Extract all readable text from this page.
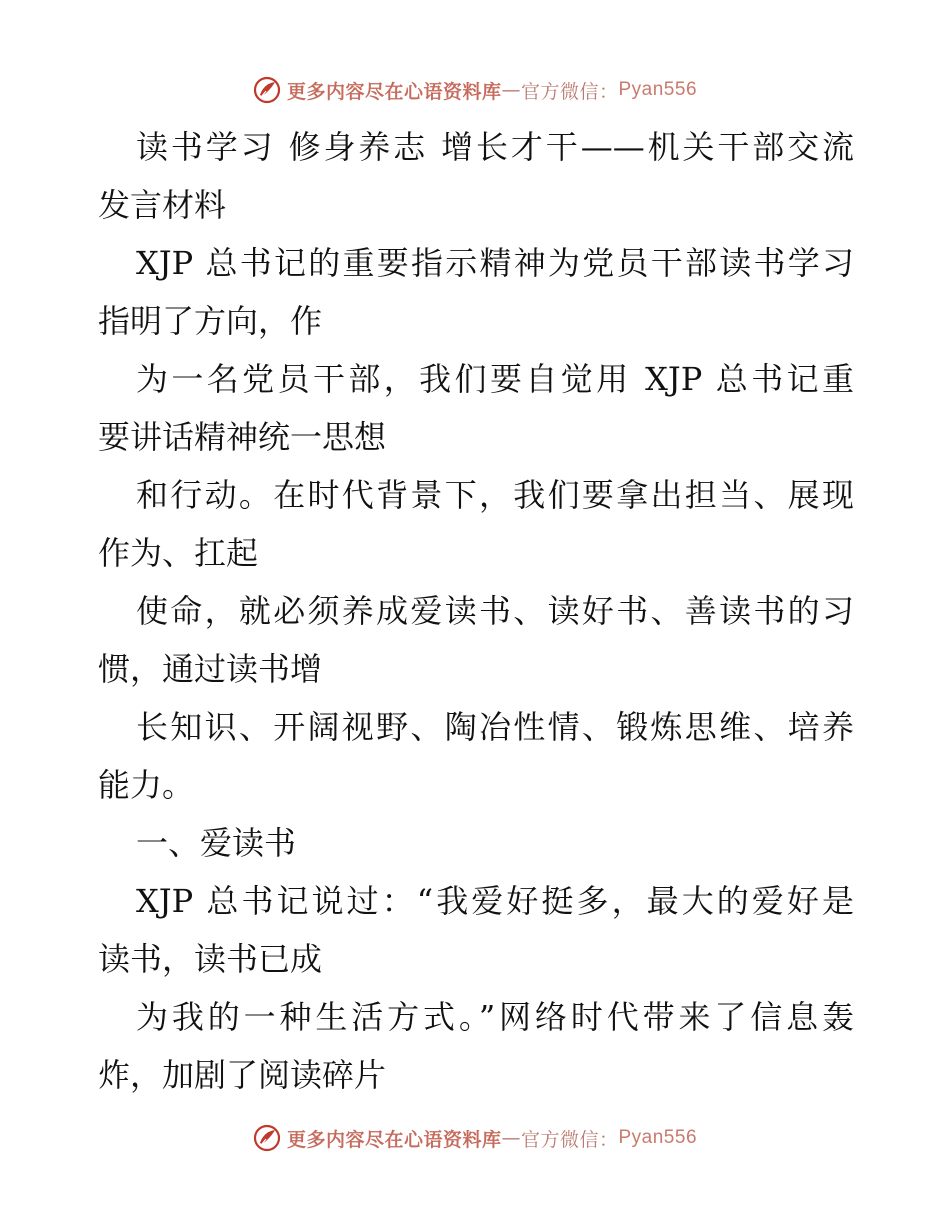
更多内容尽在心语资料库 — 官方微信： Pyan556
读书学习 修身养志 增长才干——机关干部交流
发言材料
XJP 总书记的重要指示精神为党员干部读书学习
指明了方向，作
为一名党员干部，我们要自觉用 XJP 总书记重
要讲话精神统一思想
和行动。在时代背景下，我们要拿出担当、展现
作为、扛起
使命，就必须养成爱读书、读好书、善读书的习
惯，通过读书增
长知识、开阔视野、陶冶性情、锻炼思维、培养
能力。
一、爱读书
XJP 总书记说过：“我爱好挺多，最大的爱好是
读书，读书已成
为我的一种生活方式。”网络时代带来了信息轰
炸，加剧了阅读碎片
更多内容尽在心语资料库 — 官方微信： Pyan556
